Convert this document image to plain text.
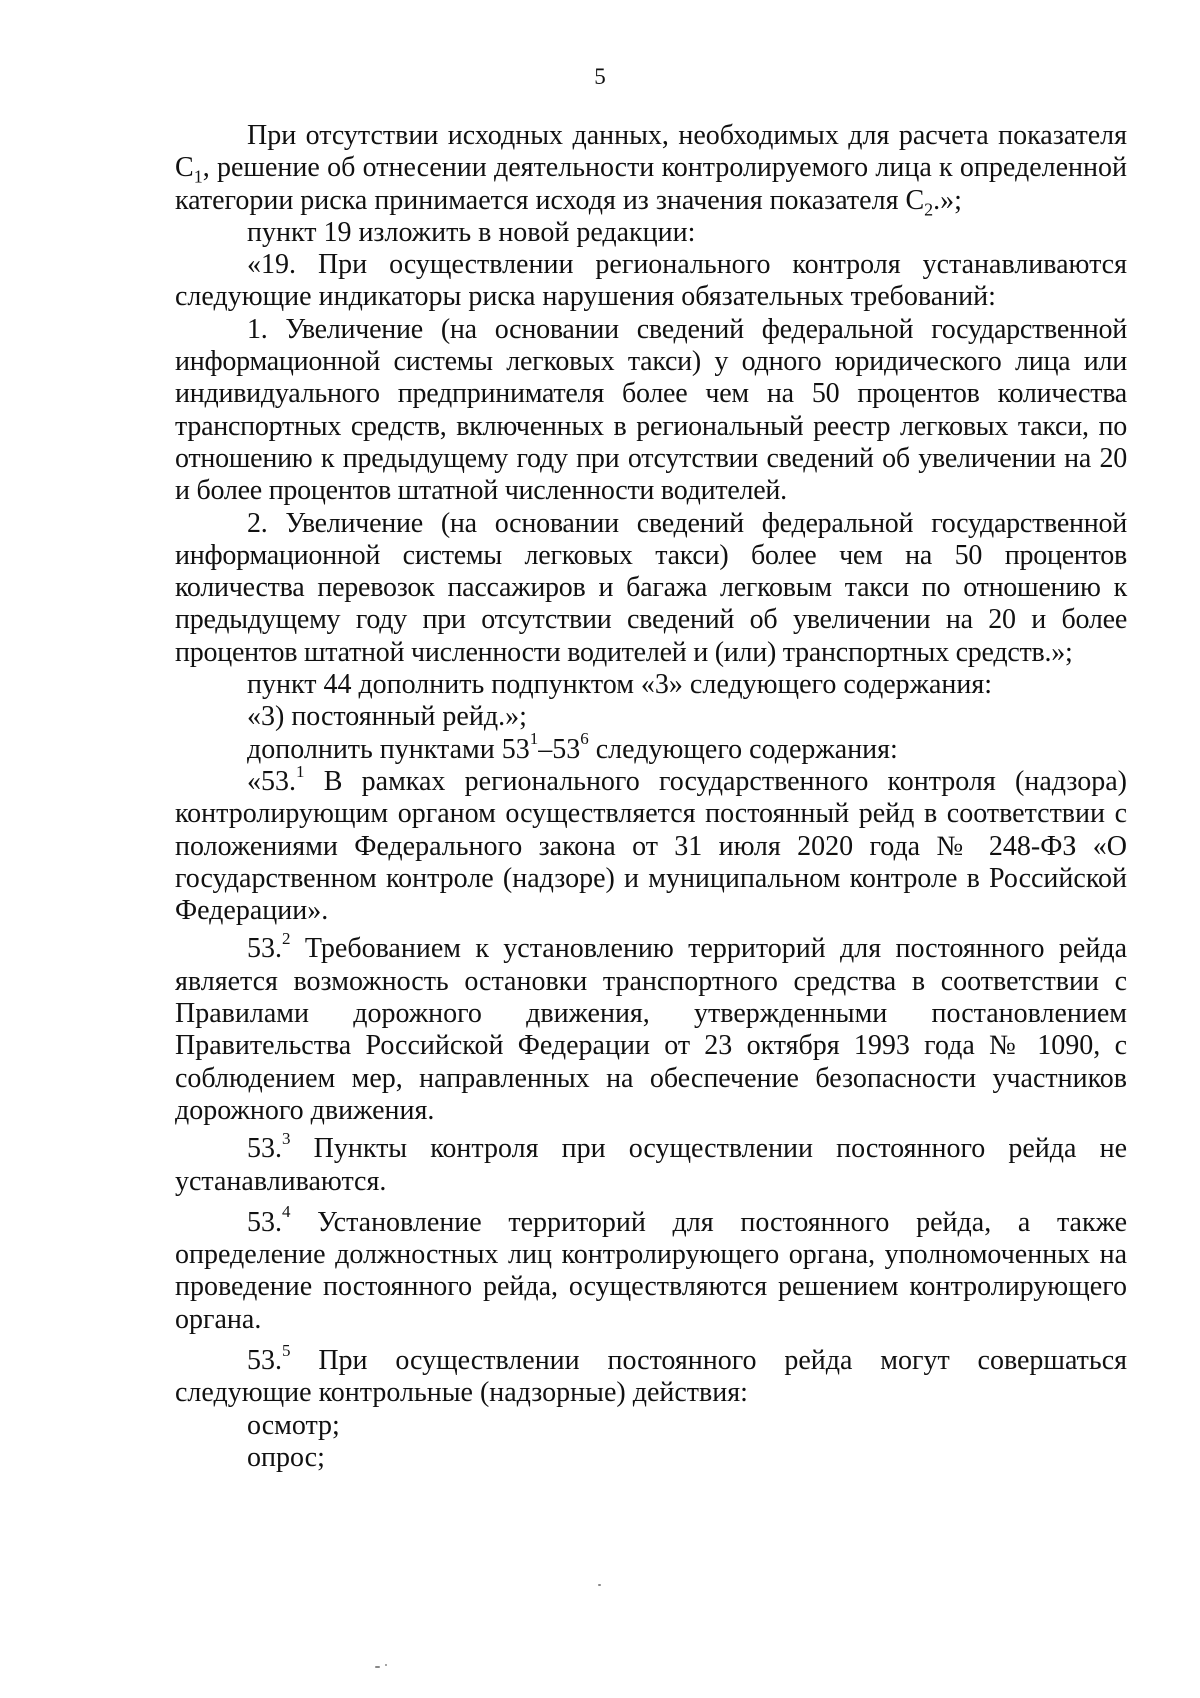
5

При отсутствии исходных данных, необходимых для расчета показателя $С_1$, решение об отнесении деятельности контролируемого лица к определенной категории риска принимается исходя из значения показателя $С_2$.»;

пункт 19 изложить в новой редакции:

«19. При осуществлении регионального контроля устанавливаются следующие индикаторы риска нарушения обязательных требований:

1. Увеличение (на основании сведений федеральной государственной информационной системы легковых такси) у одного юридического лица или индивидуального предпринимателя более чем на 50 процентов количества транспортных средств, включенных в региональный реестр легковых такси, по отношению к предыдущему году при отсутствии сведений об увеличении на 20 и более процентов штатной численности водителей.

2. Увеличение (на основании сведений федеральной государственной информационной системы легковых такси) более чем на 50 процентов количества перевозок пассажиров и багажа легковым такси по отношению к предыдущему году при отсутствии сведений об увеличении на 20 и более процентов штатной численности водителей и (или) транспортных средств.»;

пункт 44 дополнить подпунктом «3» следующего содержания:

«3) постоянный рейд.»;

дополнить пунктами $53^1-53^6$ следующего содержания:

«53.$^1$ В рамках регионального государственного контроля (надзора) контролирующим органом осуществляется постоянный рейд в соответствии с положениями Федерального закона от 31 июля 2020 года № 248-ФЗ «О государственном контроле (надзоре) и муниципальном контроле в Российской Федерации».

53.$^2$ Требованием к установлению территорий для постоянного рейда является возможность остановки транспортного средства в соответствии с Правилами дорожного движения, утвержденными постановлением Правительства Российской Федерации от 23 октября 1993 года № 1090, с соблюдением мер, направленных на обеспечение безопасности участников дорожного движения.

53.$^3$ Пункты контроля при осуществлении постоянного рейда не устанавливаются.

53.$^4$ Установление территорий для постоянного рейда, а также определение должностных лиц контролирующего органа, уполномоченных на проведение постоянного рейда, осуществляются решением контролирующего органа.

53.$^5$ При осуществлении постоянного рейда могут совершаться следующие контрольные (надзорные) действия:

осмотр;

опрос;
